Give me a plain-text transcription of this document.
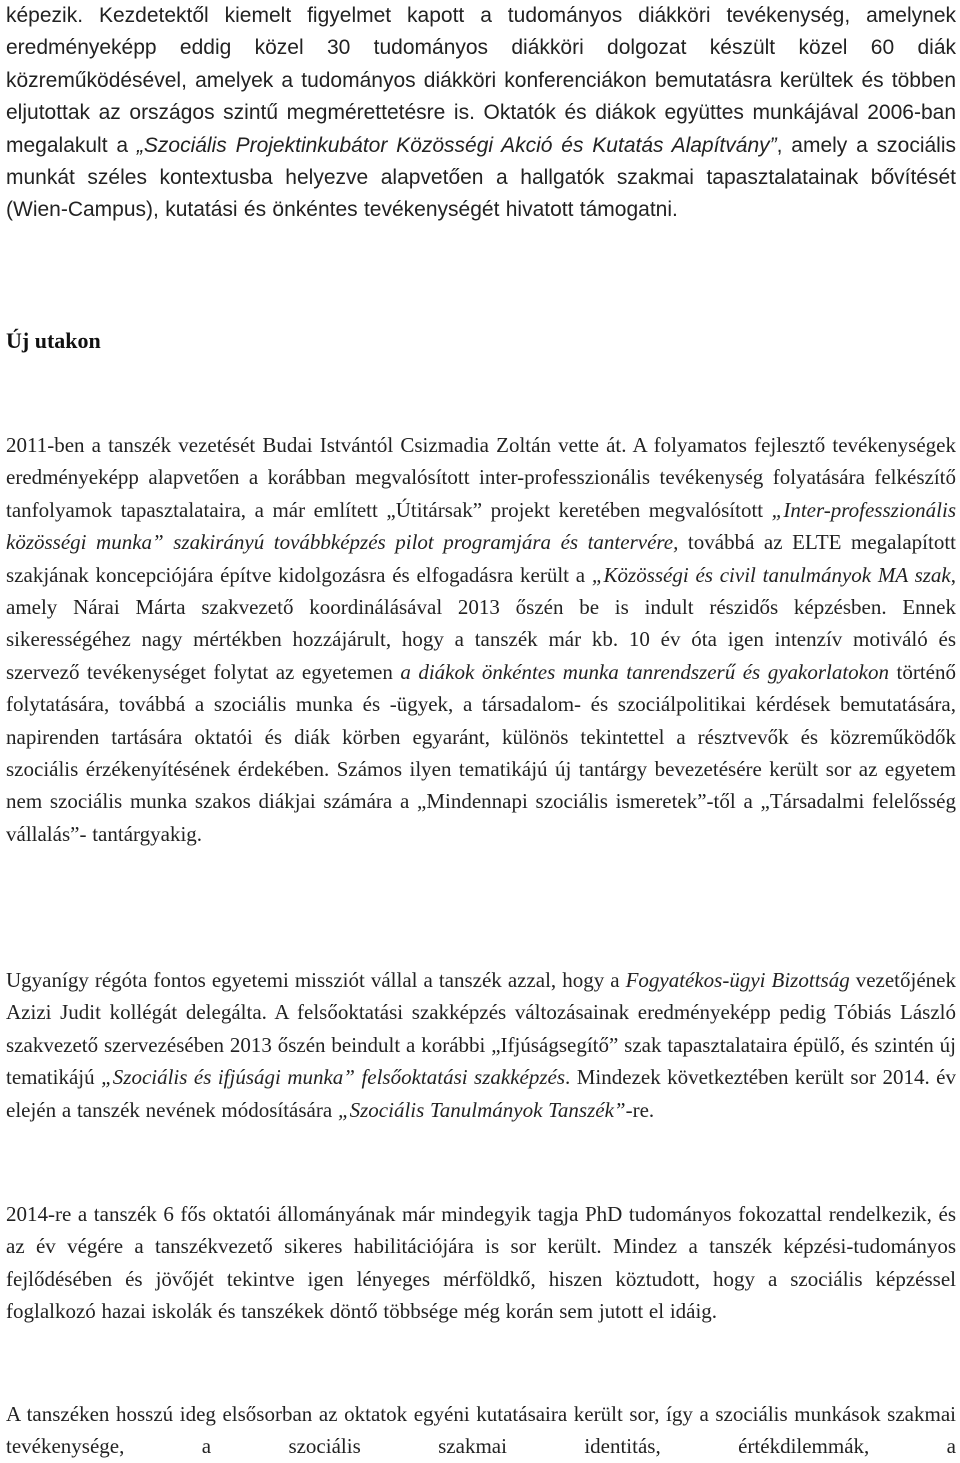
képezik. Kezdetektől kiemelt figyelmet kapott a tudományos diákköri tevékenység, amelynek eredményeképp eddig közel 30 tudományos diákköri dolgozat készült közel 60 diák közreműködésével, amelyek a tudományos diákköri konferenciákon bemutatásra kerültek és többen eljutottak az országos szintű megmérettetésre is. Oktatók és diákok együttes munkájával 2006-ban megalakult a „Szociális Projektinkubátor Közösségi Akció és Kutatás Alapítvány”, amely a szociális munkát széles kontextusba helyezve alapvetően a hallgatók szakmai tapasztalatainak bővítését (Wien-Campus), kutatási és önkéntes tevékenységét hivatott támogatni.

Új utakon

2011-ben a tanszék vezetését Budai Istvántól Csizmadia Zoltán vette át. A folyamatos fejlesztő tevékenységek eredményeképp alapvetően a korábban megvalósított inter-professzionális tevékenység folyatására felkészítő tanfolyamok tapasztalataira, a már említett „Útitársak” projekt keretében megvalósított „Inter-professzionális közösségi munka” szakirányú továbbképzés pilot programjára és tantervére, továbbá az ELTE megalapított szakjának koncepciójára építve kidolgozásra és elfogadásra került a „Közösségi és civil tanulmányok MA szak, amely Nárai Márta szakvezető koordinálásával 2013 őszén be is indult részidős képzésben. Ennek sikerességéhez nagy mértékben hozzájárult, hogy a tanszék már kb. 10 év óta igen intenzív motiváló és szervező tevékenységet folytat az egyetemen a diákok önkéntes munka tanrendszerű és gyakorlatokon történő folytatására, továbbá a szociális munka és -ügyek, a társadalom- és szociálpolitikai kérdések bemutatására, napirenden tartására oktatói és diák körben egyaránt, különös tekintettel a résztvevők és közreműködők szociális érzékenyítésének érdekében. Számos ilyen tematikájú új tantárgy bevezetésére került sor az egyetem nem szociális munka szakos diákjai számára a „Mindennapi szociális ismeretek”-től a „Társadalmi felelősség vállalás”- tantárgyakig.

Ugyanígy régóta fontos egyetemi missziót vállal a tanszék azzal, hogy a Fogyatékos-ügyi Bizottság vezetőjének Azizi Judit kollégát delegálta. A felsőoktatási szakképzés változásainak eredményeképp pedig Tóbiás László szakvezető szervezésében 2013 őszén beindult a korábbi „Ifjúságsegítő” szak tapasztalataira épülő, és szintén új tematikájú „Szociális és ifjúsági munka” felsőoktatási szakképzés. Mindezek következtében került sor 2014. év elején a tanszék nevének módosítására „Szociális Tanulmányok Tanszék”-re.

2014-re a tanszék 6 fős oktatói állományának már mindegyik tagja PhD tudományos fokozattal rendelkezik, és az év végére a tanszékvezető sikeres habilitációjára is sor került. Mindez a tanszék képzési-tudományos fejlődésében és jövőjét tekintve igen lényeges mérföldkő, hiszen köztudott, hogy a szociális képzéssel foglalkozó hazai iskolák és tanszékek döntő többsége még korán sem jutott el idáig.

A tanszéken hosszú ideg elsősorban az oktatok egyéni kutatásaira került sor, így a szociális munkások szakmai tevékenysége, a szociális szakmai identitás, értékdilemmák, a
